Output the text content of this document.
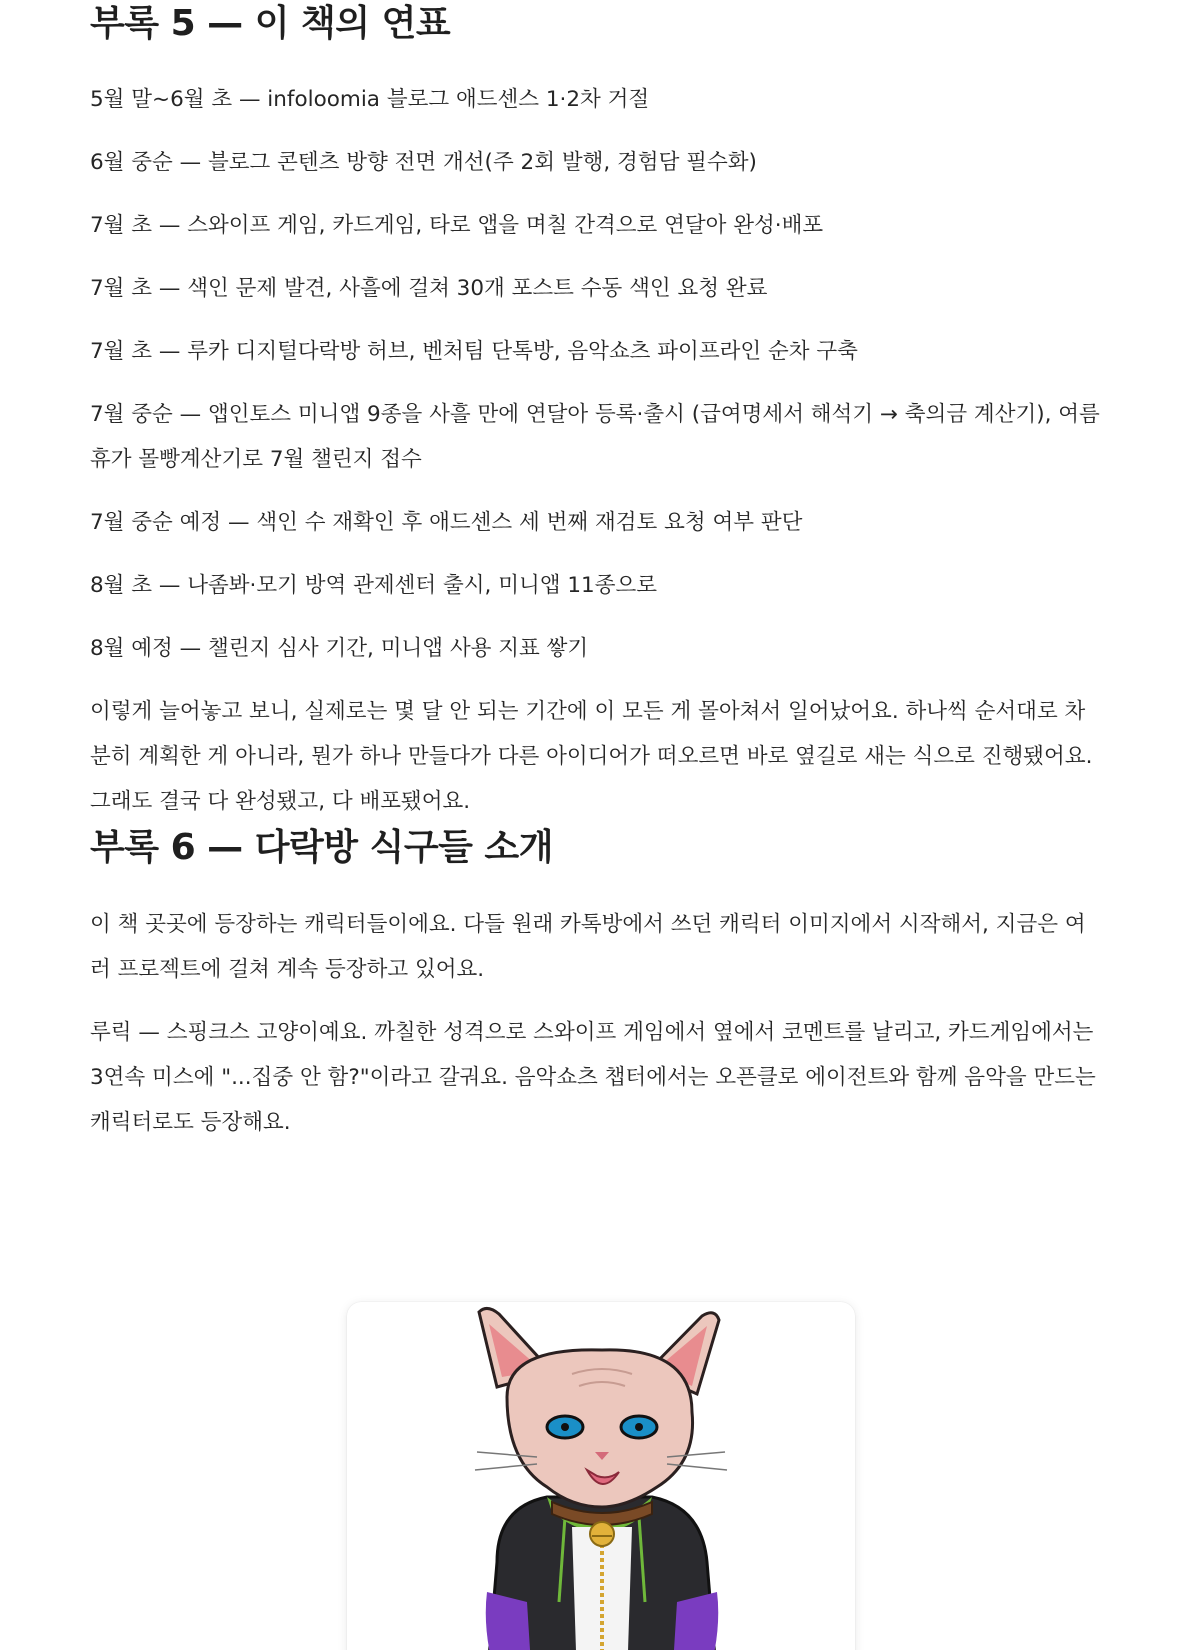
부록 5 — 이 책의 연표

5월 말~6월 초 — infoloomia 블로그 애드센스 1·2차 거절

6월 중순 — 블로그 콘텐츠 방향 전면 개선(주 2회 발행, 경험담 필수화)

7월 초 — 스와이프 게임, 카드게임, 타로 앱을 며칠 간격으로 연달아 완성·배포

7월 초 — 색인 문제 발견, 사흘에 걸쳐 30개 포스트 수동 색인 요청 완료

7월 초 — 루카 디지털다락방 허브, 벤처팀 단톡방, 음악쇼츠 파이프라인 순차 구축

7월 중순 — 앱인토스 미니앱 9종을 사흘 만에 연달아 등록·출시 (급여명세서 해석기 → 축의금 계산기), 여름휴가 몰빵계산기로 7월 챌린지 접수

7월 중순 예정 — 색인 수 재확인 후 애드센스 세 번째 재검토 요청 여부 판단

8월 초 — 나좀봐·모기 방역 관제센터 출시, 미니앱 11종으로

8월 예정 — 챌린지 심사 기간, 미니앱 사용 지표 쌓기

이렇게 늘어놓고 보니, 실제로는 몇 달 안 되는 기간에 이 모든 게 몰아쳐서 일어났어요. 하나씩 순서대로 차분히 계획한 게 아니라, 뭔가 하나 만들다가 다른 아이디어가 떠오르면 바로 옆길로 새는 식으로 진행됐어요. 그래도 결국 다 완성됐고, 다 배포됐어요.

부록 6 — 다락방 식구들 소개

이 책 곳곳에 등장하는 캐릭터들이에요. 다들 원래 카톡방에서 쓰던 캐릭터 이미지에서 시작해서, 지금은 여러 프로젝트에 걸쳐 계속 등장하고 있어요.

루릭 — 스핑크스 고양이예요. 까칠한 성격으로 스와이프 게임에서 옆에서 코멘트를 날리고, 카드게임에서는 3연속 미스에 "...집중 안 함?"이라고 갈궈요. 음악쇼츠 챕터에서는 오픈클로 에이전트와 함께 음악을 만드는 캐릭터로도 등장해요.
